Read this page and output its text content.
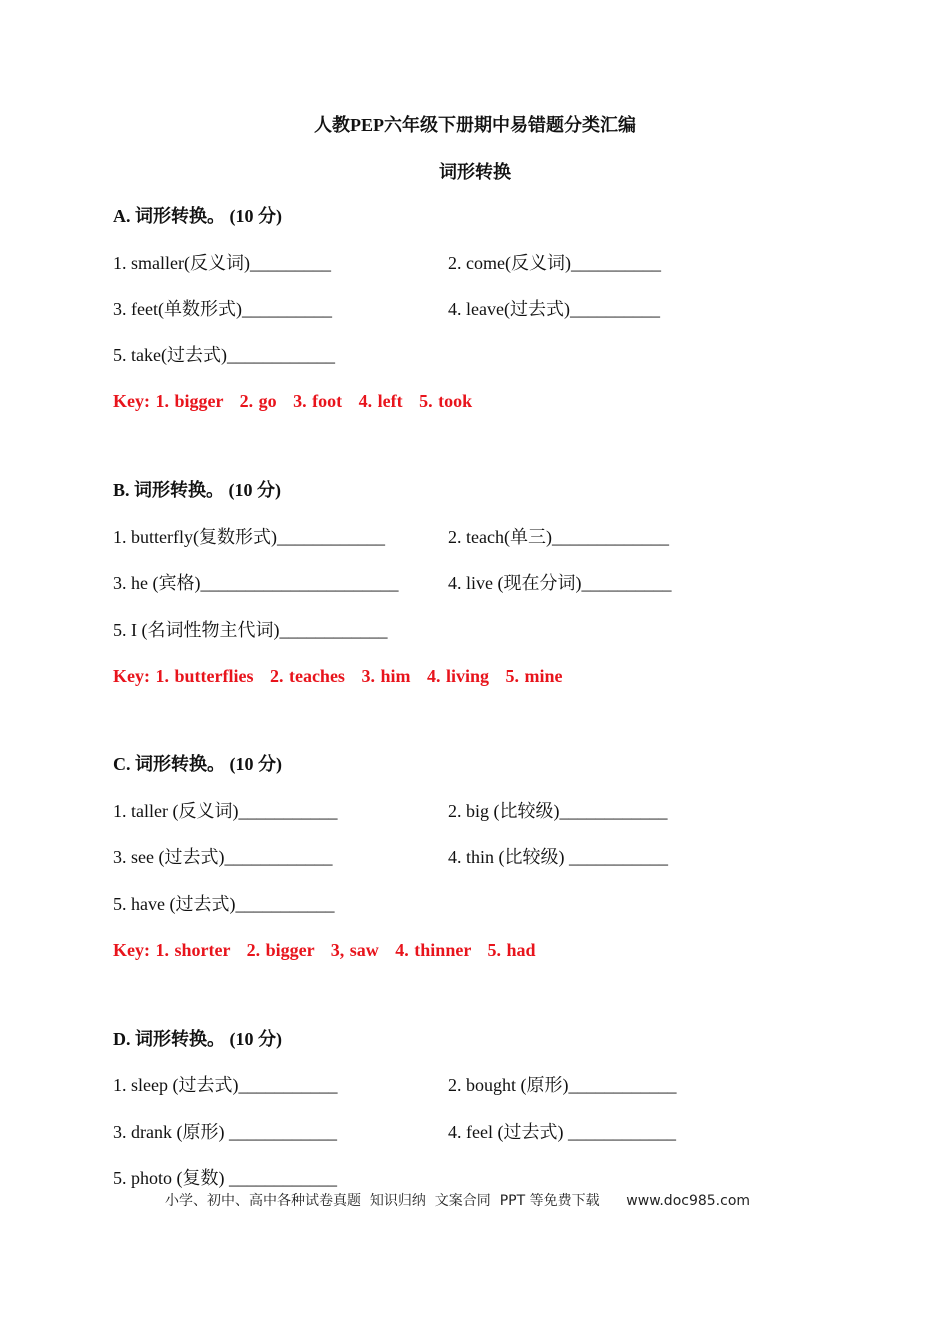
人教PEP六年级下册期中易错题分类汇编
词形转换
A. 词形转换。 (10 分)
1. smaller(反义词)_________	2. come(反义词)__________
3. feet(单数形式)__________	4. leave(过去式)__________
5. take(过去式)____________
Key: 1. bigger   2. go   3. foot   4. left   5. took
B. 词形转换。 (10 分)
1. butterfly(复数形式)____________	2. teach(单三)_____________
3. he (宾格)______________________	4. live (现在分词)__________
5. I (名词性物主代词)____________
Key: 1. butterflies   2. teaches   3. him   4. living   5. mine
C. 词形转换。 (10 分)
1. taller (反义词)___________	2. big (比较级)____________
3. see (过去式)____________	4. thin (比较级) ___________
5. have (过去式)___________
Key: 1. shorter   2. bigger   3, saw   4. thinner   5. had
D. 词形转换。 (10 分)
1. sleep (过去式)___________	2. bought (原形)____________
3. drank (原形) ____________	4. feel (过去式) ____________
5. photo (复数) ____________
小学、初中、高中各种试卷真题  知识归纳  文案合同  PPT 等免费下载      www.doc985.com
